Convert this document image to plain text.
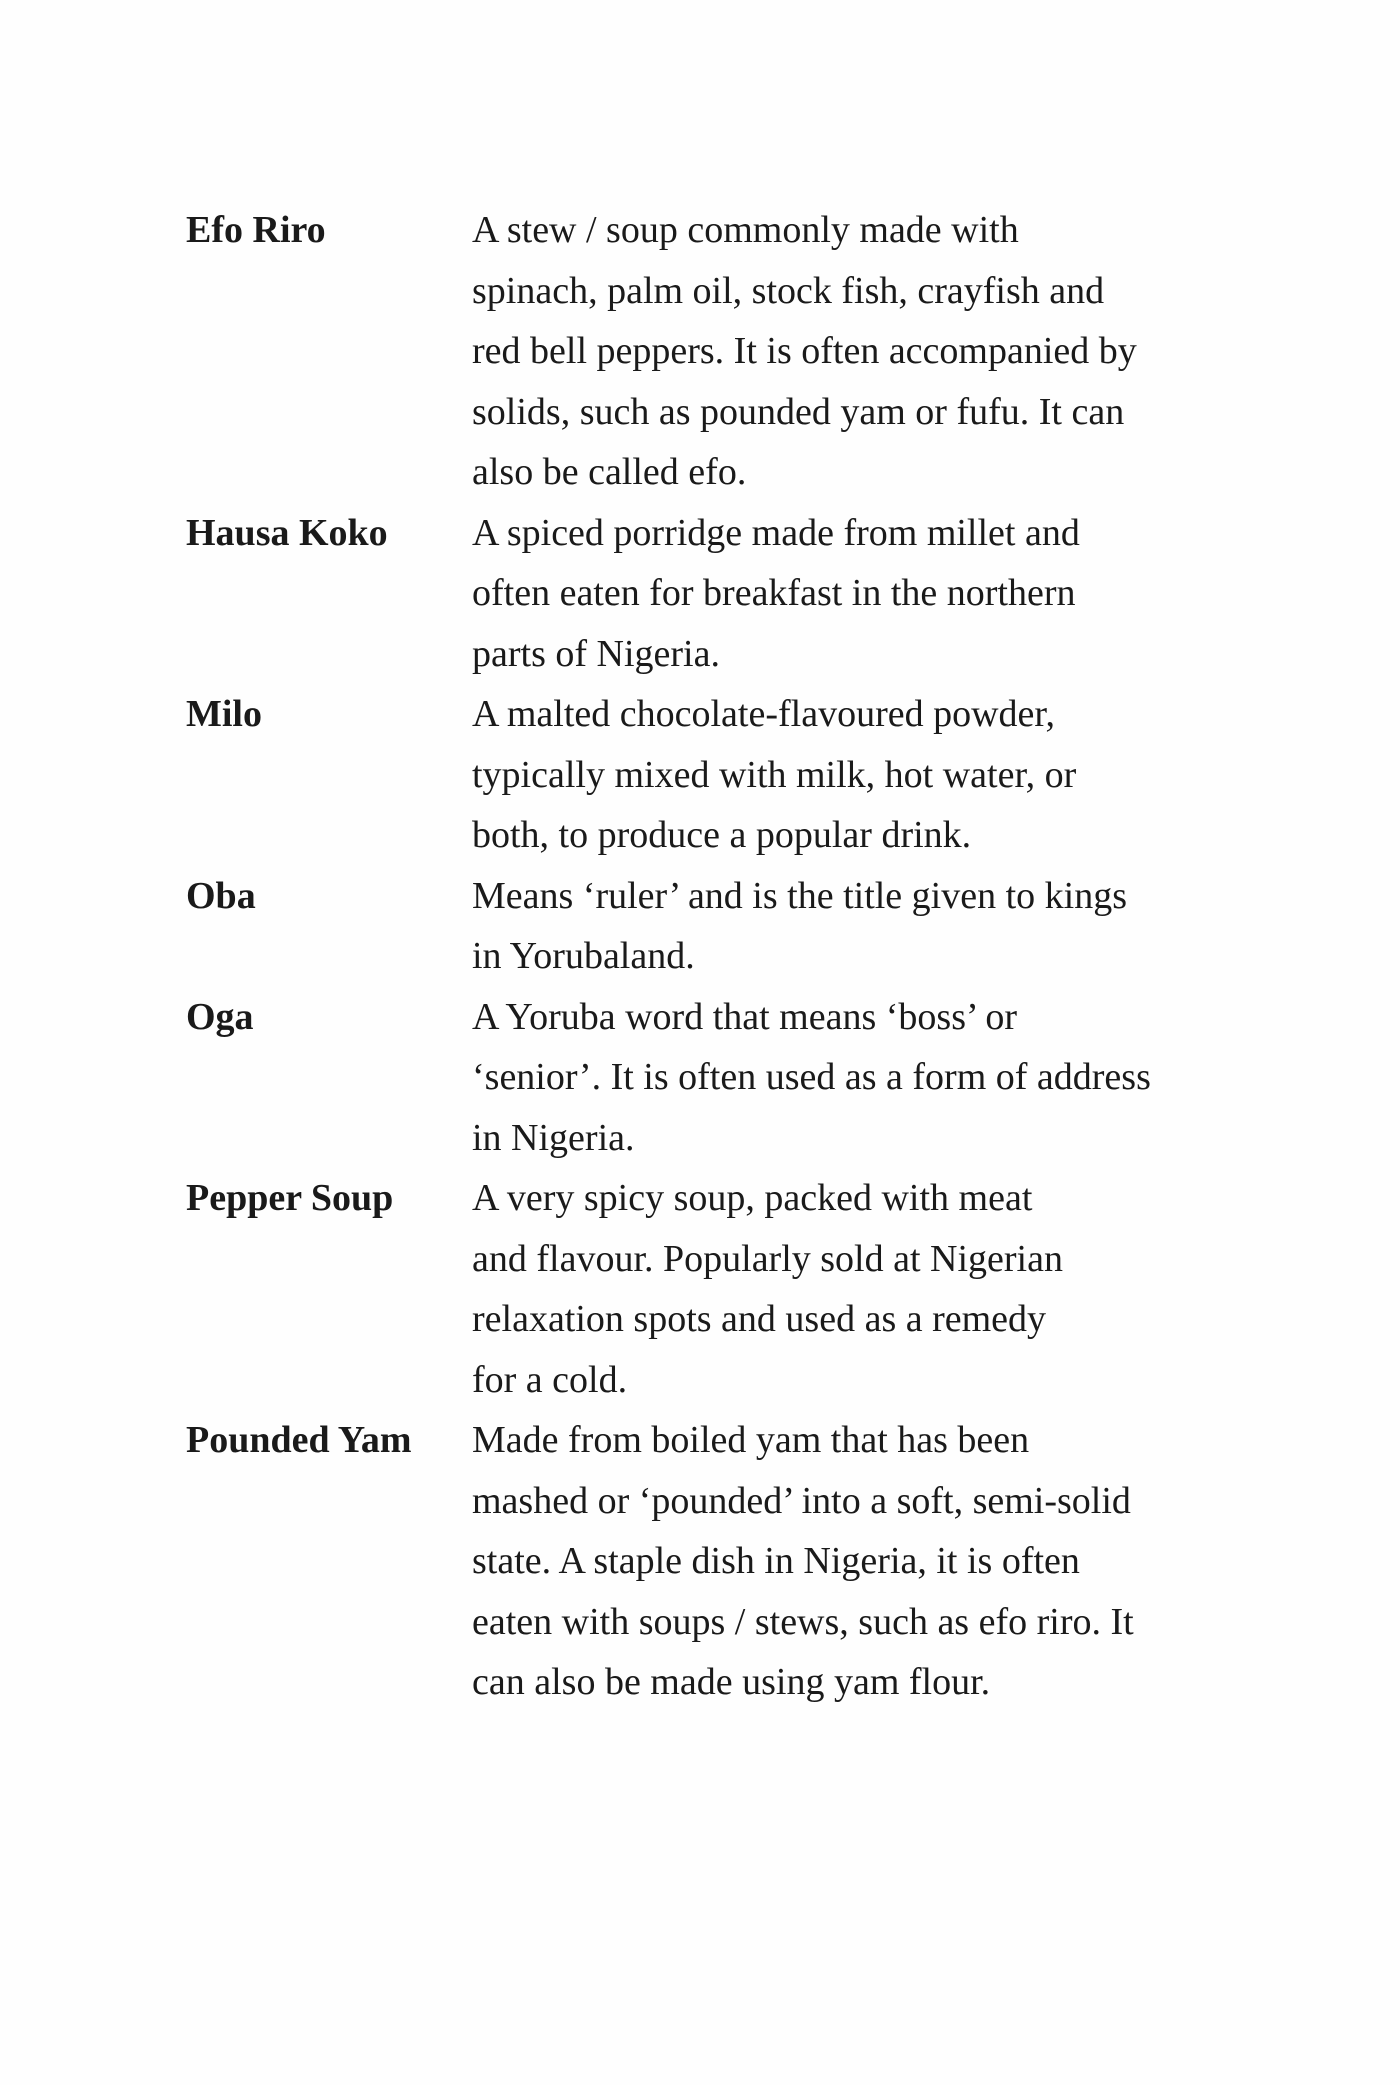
Efo Riro	A stew / soup commonly made with
spinach, palm oil, stock fish, crayfish and
red bell peppers. It is often accompanied by
solids, such as pounded yam or fufu. It can
also be called efo.
Hausa Koko	A spiced porridge made from millet and
often eaten for breakfast in the northern
parts of Nigeria.
Milo	A malted chocolate-flavoured powder,
typically mixed with milk, hot water, or
both, to produce a popular drink.
Oba	Means ‘ruler’ and is the title given to kings
in Yorubaland.
Oga	A Yoruba word that means ‘boss’ or
‘senior’. It is often used as a form of address
in Nigeria.
Pepper Soup	A very spicy soup, packed with meat
and flavour. Popularly sold at Nigerian
relaxation spots and used as a remedy
for a cold.
Pounded Yam	Made from boiled yam that has been
mashed or ‘pounded’ into a soft, semi-solid
state. A staple dish in Nigeria, it is often
eaten with soups / stews, such as efo riro. It
can also be made using yam flour.
